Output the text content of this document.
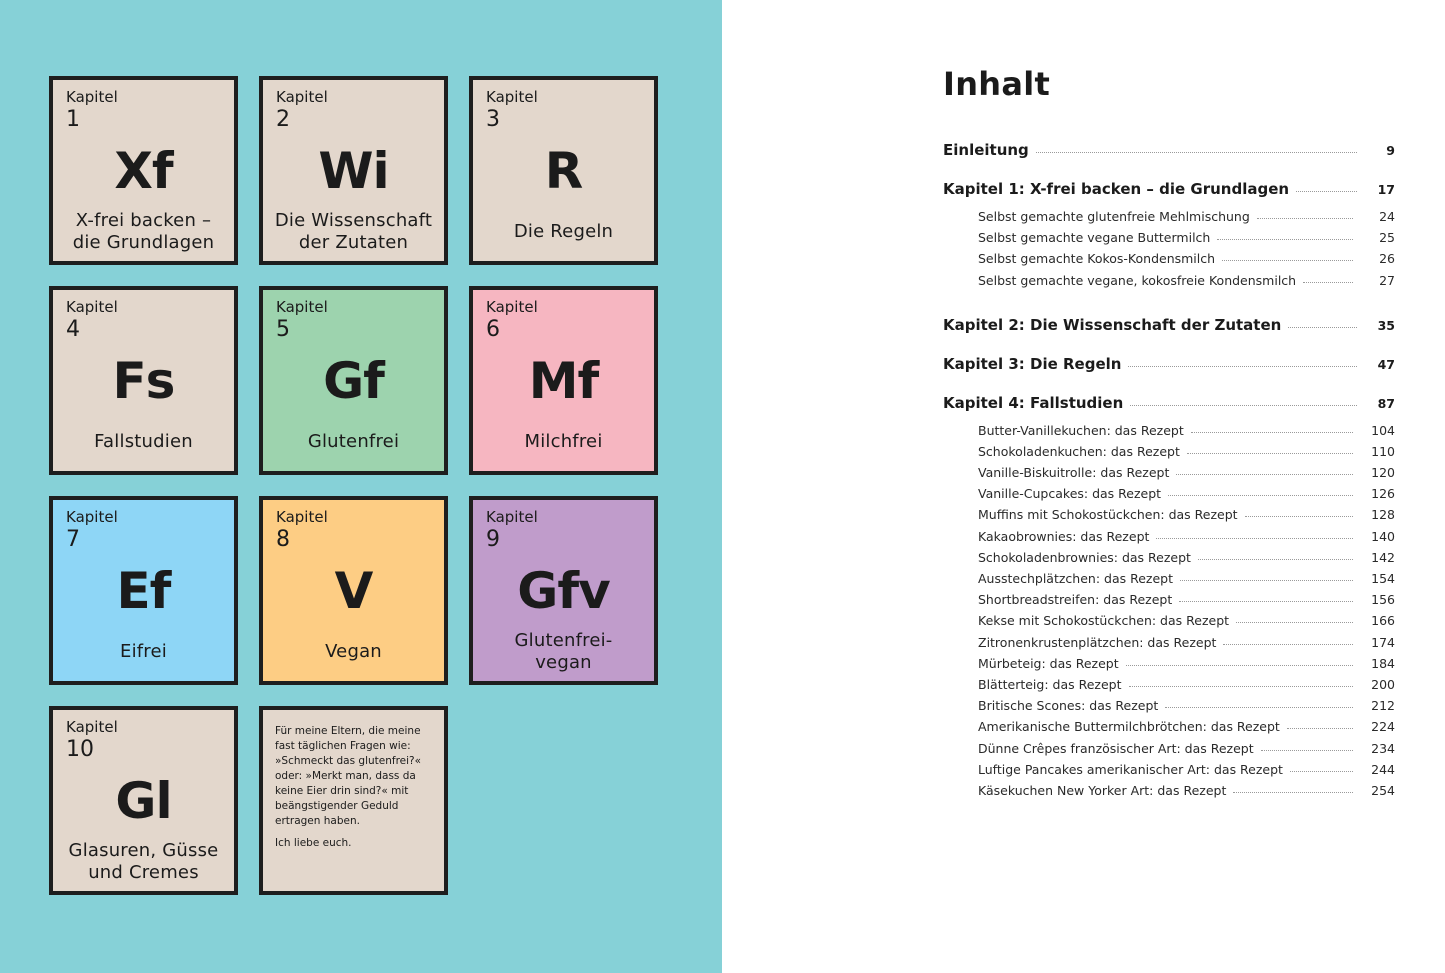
Kapitel
1
Xf
X-frei backen – die Grundlagen
Kapitel
2
Wi
Die Wissenschaft der Zutaten
Kapitel
3
R
Die Regeln
Kapitel
4
Fs
Fallstudien
Kapitel
5
Gf
Glutenfrei
Kapitel
6
Mf
Milchfrei
Kapitel
7
Ef
Eifrei
Kapitel
8
V
Vegan
Kapitel
9
Gfv
Glutenfrei-
vegan
Kapitel
10
Gl
Glasuren, Güsse und Cremes

Für meine Eltern, die meine fast täglichen Fragen wie: »Schmeckt das glutenfrei?« oder: »Merkt man, dass da keine Eier drin sind?« mit beängstigender Geduld ertragen haben.

Ich liebe euch.

Inhalt
Einleitung	9
Kapitel 1: X-frei backen – die Grundlagen	17
Selbst gemachte glutenfreie Mehlmischung	24
Selbst gemachte vegane Buttermilch	25
Selbst gemachte Kokos-Kondensmilch	26
Selbst gemachte vegane, kokosfreie Kondensmilch	27
Kapitel 2: Die Wissenschaft der Zutaten	35
Kapitel 3: Die Regeln	47
Kapitel 4: Fallstudien	87
Butter-Vanillekuchen: das Rezept	104
Schokoladenkuchen: das Rezept	110
Vanille-Biskuitrolle: das Rezept	120
Vanille-Cupcakes: das Rezept	126
Muffins mit Schokostückchen: das Rezept	128
Kakaobrownies: das Rezept	140
Schokoladenbrownies: das Rezept	142
Ausstechplätzchen: das Rezept	154
Shortbreadstreifen: das Rezept	156
Kekse mit Schokostückchen: das Rezept	166
Zitronenkrustenplätzchen: das Rezept	174
Mürbeteig: das Rezept	184
Blätterteig: das Rezept	200
Britische Scones: das Rezept	212
Amerikanische Buttermilchbrötchen: das Rezept	224
Dünne Crêpes französischer Art: das Rezept	234
Luftige Pancakes amerikanischer Art: das Rezept	244
Käsekuchen New Yorker Art: das Rezept	254
